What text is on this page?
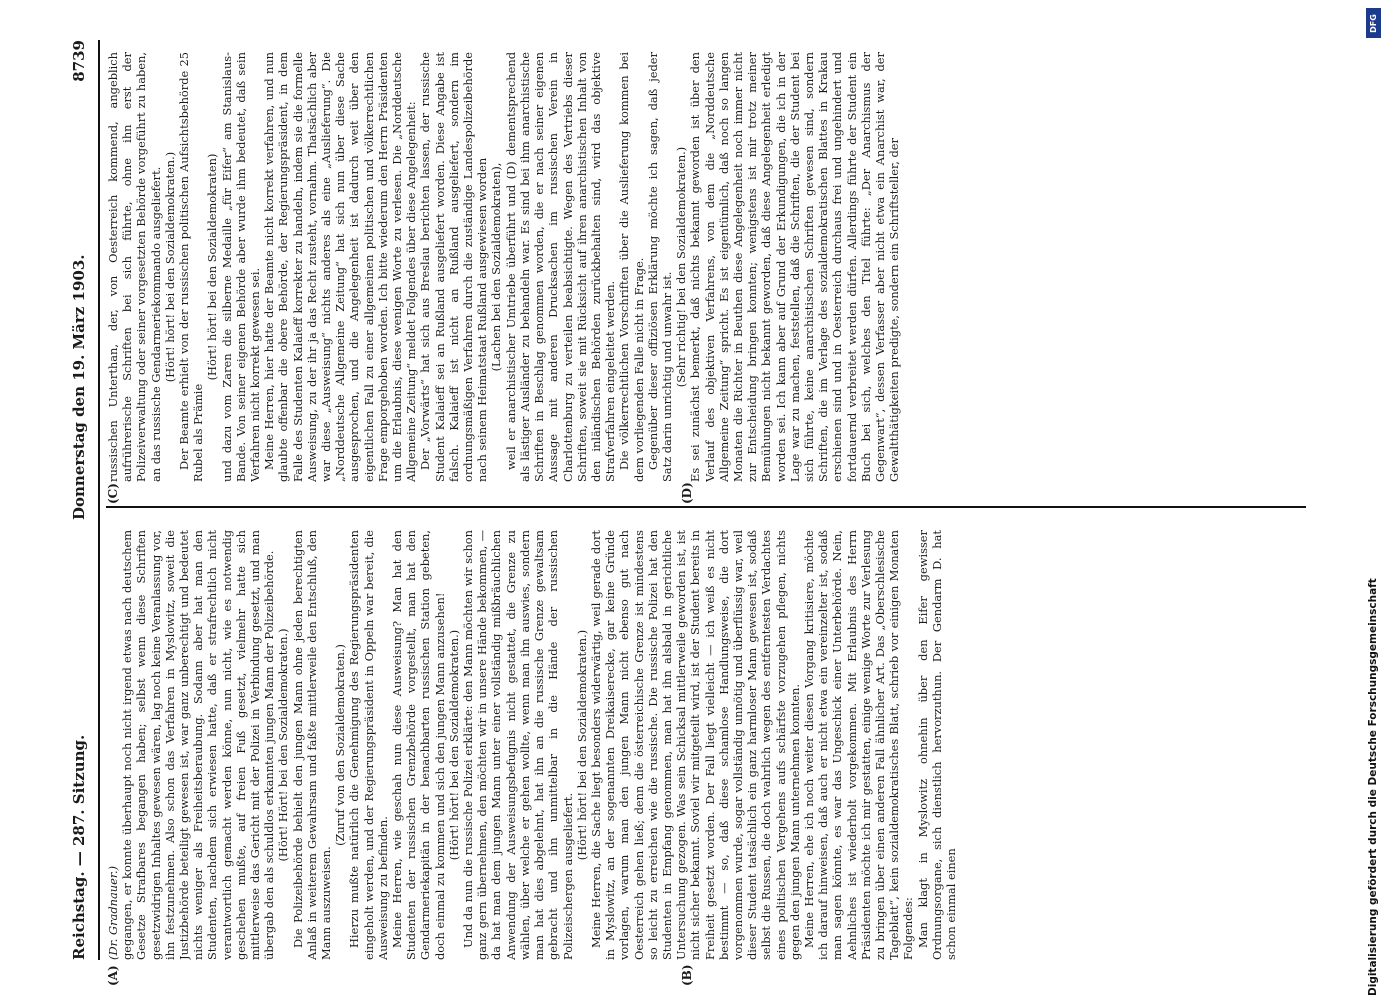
Reichstag. — 287. Sitzung.
Donnerstag den 19. März 1903.
8739
(A)	(B)
(C)	(D)

(Dr. Gradnauer.) gegangen, er konnte überhaupt noch nicht irgend etwas nach deutschem Gesetze Strafbares begangen haben; selbst wenn diese Schriften gesetzwidrigen Inhaltes gewesen wären, lag noch keine Veranlassung vor, ihn festzunehmen. Also schon das Verfahren in Myslowitz, soweit die Justizbehörde beteiligt gewesen ist, war ganz unberechtigt und bedeutet nichts weniger als Freiheitsberaubung. Sodann aber hat man den Studenten, nachdem sich erwiesen hatte, daß er strafrechtlich nicht verantwortlich gemacht werden könne, nun nicht, wie es notwendig geschehen mußte, auf freien Fuß gesetzt, vielmehr hatte sich mittlerweise das Gericht mit der Polizei in Verbindung gesetzt, und man übergab den als schuldlos erkannten jungen Mann der Polizeibehörde. (Hört! Hört! bei den Sozialdemokraten.) Die Polizeibehörde behielt den jungen Mann ohne jeden berechtigten Anlaß in weiterem Gewahrsam und faßte mittlerweile den Entschluß, den Mann auszuweisen.

(Zuruf von den Sozialdemokraten.) Hierzu mußte natürlich die Genehmigung des Regierungspräsidenten eingeholt werden, und der Regierungspräsident in Oppeln war bereit, die Ausweisung zu befinden. Meine Herren, wie geschah nun diese Ausweisung? Man hat den Studenten der russischen Grenzbehörde vorgestellt, man hat den Gendarmeriekapitän in der benachbarten russischen Station gebeten, doch einmal zu kommen und sich den jungen Mann anzusehen! (Hört! hört! bei den Sozialdemokraten.) Und da nun die russische Polizei erklärte: den Mann möchten wir schon ganz gern übernehmen, den möchten wir in unsere Hände bekommen, — da hat man dem jungen Mann unter einer vollständig mißbräuchlichen Anwendung der Ausweisungsbefugnis nicht gestattet, die Grenze zu wählen, über welche er gehen wollte, wenn man ihn auswies, sondern man hat dies abgelehnt, hat ihn an die russische Grenze gewaltsam gebracht und ihn unmittelbar in die Hände der russischen Polizeischergen ausgeliefert.

(Hört! hört! bei den Sozialdemokraten.) Meine Herren, die Sache liegt besonders widerwärtig, weil gerade dort in Myslowitz, an der sogenannten Dreikaiserecke, gar keine Gründe vorlagen, warum man den jungen Mann nicht ebenso gut nach Oesterreich gehen ließ; denn die österreichische Grenze ist mindestens so leicht zu erreichen wie die russische. Die russische Polizei hat den Studenten in Empfang genommen, man hat ihn alsbald in gerichtliche Untersuchung gezogen. Was sein Schicksal mittlerweile geworden ist, ist nicht sicher bekannt. Soviel wir mitgeteilt wird, ist der Student bereits in Freiheit gesetzt worden. Der Fall liegt vielleicht — ich weiß es nicht bestimmt — so, daß diese schamlose Handlungsweise, die dort vorgenommen wurde, sogar vollständig unnötig und überflüssig war, weil dieser Student tatsächlich ein ganz harmloser Mann gewesen ist, sodaß selbst die Russen, die doch wahrlich wegen des entferntesten Verdachtes eines politischen Vergehens aufs schärfste vorzugehen pflegen, nichts gegen den jungen Mann unternehmen konnten. Meine Herren, ehe ich noch weiter diesen Vorgang kritisiere, möchte ich darauf hinweisen, daß auch er nicht etwa ein vereinzelter ist, sodaß man sagen könnte, es war das Ungeschick einer Unterbehörde. Nein, Aehnliches ist wiederholt vorgekommen. Mit Erlaubnis des Herrn Präsidenten möchte ich mir gestatten, einige wenige Worte zur Verlesung zu bringen über einen anderen Fall ähnlicher Art. Das „Oberschlesische Tageblatt“, kein sozialdemokratisches Blatt, schrieb vor einigen Monaten Folgendes: Man klagt in Myslowitz ohnehin über den Eifer gewisser Ordnungsorgane, sich dienstlich hervorzuthun. Der Gendarm D. hat schon einmal einen

russischen Unterthan, der, von Oesterreich kommend, angeblich aufrührerische Schriften bei sich führte, ohne ihn erst der Polizeiverwaltung oder seiner vorgesetzten Behörde vorgeführt zu haben, an das russische Gendarmeriekommando ausgeliefert. (Hört! hört! bei den Sozialdemokraten.) Der Beamte erhielt von der russischen politischen Aufsichtsbehörde 25 Rubel als Prämie

(Hört! hört! bei den Sozialdemokraten) und dazu vom Zaren die silberne Medaille „für Eifer“ am Stanislaus-Bande. Von seiner eigenen Behörde aber wurde ihm bedeutet, daß sein Verfahren nicht korrekt gewesen sei. Meine Herren, hier hatte der Beamte nicht korrekt verfahren, und nun glaubte offenbar die obere Behörde, der Regierungspräsident, in dem Falle des Studenten Kalaieff korrekter zu handeln, indem sie die formelle Ausweisung, zu der ihr ja das Recht zusteht, vornahm. Thatsächlich aber war diese „Ausweisung“ nichts anderes als eine „Auslieferung“. Die „Norddeutsche Allgemeine Zeitung“ hat sich nun über diese Sache ausgesprochen, und die Angelegenheit ist dadurch weit über den eigentlichen Fall zu einer allgemeinen politischen und völkerrechtlichen Frage emporgehoben worden. Ich bitte wiederum den Herrn Präsidenten um die Erlaubnis, diese wenigen Worte zu verlesen. Die „Norddeutsche Allgemeine Zeitung“ meldet Folgendes über diese Angelegenheit: Der „Vorwärts“ hat sich aus Breslau berichten lassen, der russische Student Kalaieff sei an Rußland ausgeliefert worden. Diese Angabe ist falsch. Kalaieff ist nicht an Rußland ausgeliefert, sondern im ordnungsmäßigen Verfahren durch die zuständige Landespolizeibehörde nach seinem Heimatstaat Rußland ausgewiesen worden (Lachen bei den Sozialdemokraten), weil er anarchistischer Umtriebe überführt und (D) dementsprechend als lästiger Ausländer zu behandeln war. Es sind bei ihm anarchistische Schriften in Beschlag genommen worden, die er nach seiner eigenen Aussage mit anderen Drucksachen im russischen Verein in Charlottenburg zu verteilen beabsichtigte. Wegen des Vertriebs dieser Schriften, soweit sie mit Rücksicht auf ihren anarchistischen Inhalt von den inländischen Behörden zurückbehalten sind, wird das objektive Strafverfahren eingeleitet werden. Die völkerrechtlichen Vorschriften über die Auslieferung kommen bei dem vorliegenden Falle nicht in Frage. Gegenüber dieser offiziösen Erklärung möchte ich sagen, daß jeder Satz darin unrichtig und unwahr ist. (Sehr richtig! bei den Sozialdemokraten.) Es sei zunächst bemerkt, daß nichts bekannt geworden ist über den Verlauf des objektiven Verfahrens, von dem die „Norddeutsche Allgemeine Zeitung“ spricht. Es ist eigentümlich, daß noch so langen Monaten die Richter in Beuthen diese Angelegenheit noch immer nicht zur Entscheidung bringen konnten; wenigstens ist mir trotz meiner Bemühungen nicht bekannt geworden, daß diese Angelegenheit erledigt worden sei. Ich kann aber auf Grund der Erkundigungen, die ich in der Lage war zu machen, feststellen, daß die Schriften, die der Student bei sich führte, keine anarchistischen Schriften gewesen sind, sondern Schriften, die im Verlage des sozialdemokratischen Blattes in Krakau erschienen sind und in Oesterreich durchaus frei und ungehindert und fortdauernd verbreitet werden dürfen. Allerdings führte der Student ein Buch bei sich, welches den Titel führte: „Der Anarchismus der Gegenwart“, dessen Verfasser aber nicht etwa ein Anarchist war, der Gewaltthätigkeiten predigte, sondern ein Schriftsteller, der

Digitalisierung gefördert durch die Deutsche Forschungsgemeinschaft
DFG
